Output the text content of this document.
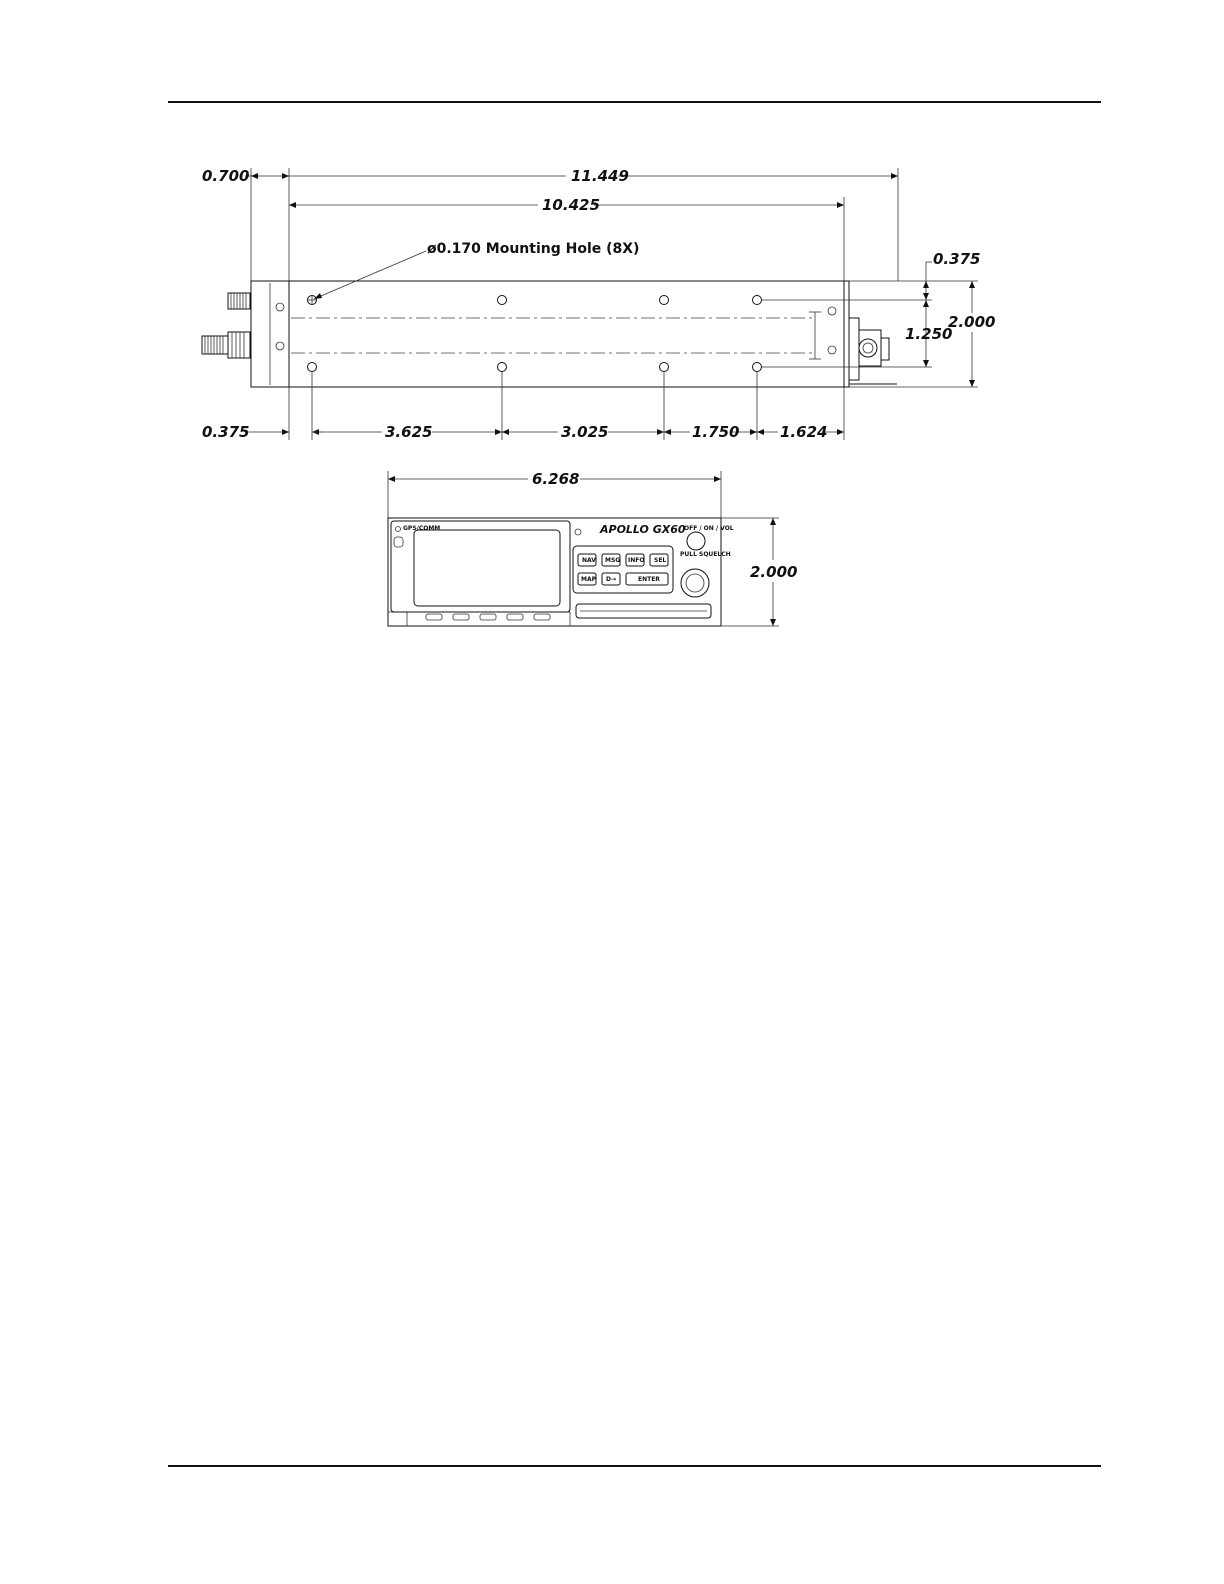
0.700	11.449
10.425
ø0.170 Mounting Hole (8X)
0.375
1.250
2.000
0.375	3.625	3.025	1.750	1.624
6.268
GPS/COMM	APOLLO GX60
NAV MSG INFO SEL
MAP D→	ENTER
OFF / ON / VOL
PULL SQUELCH
2.000
